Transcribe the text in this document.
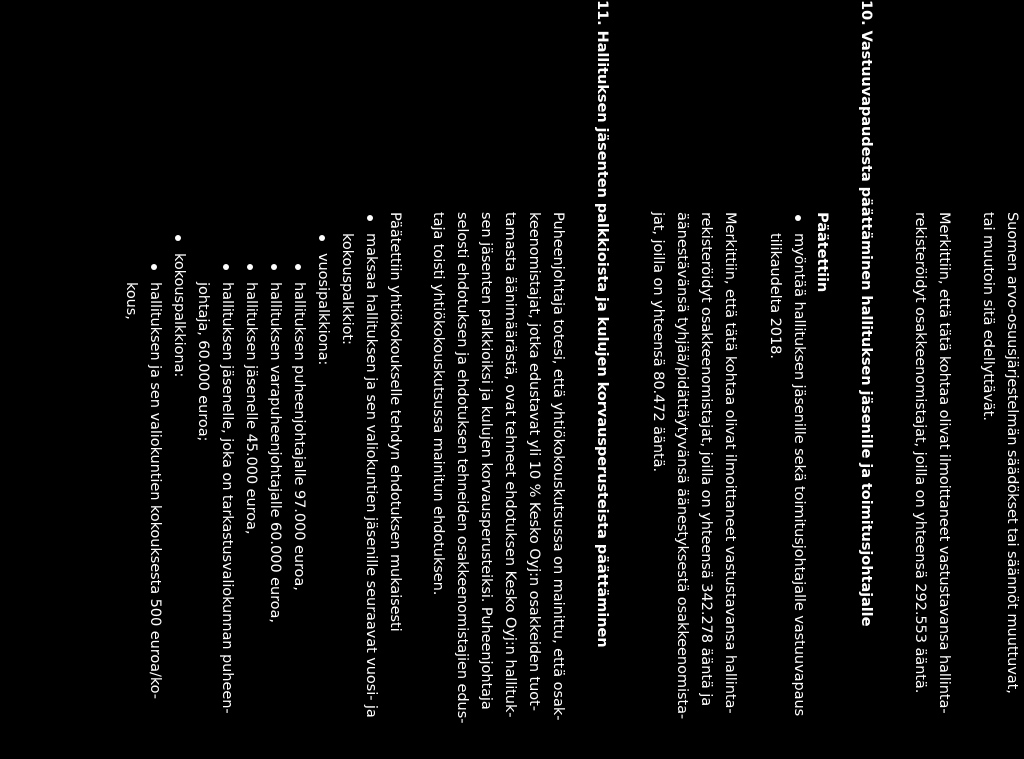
Suomen arvo-osuusjärjestelmän säädökset tai säännöt muuttuvat,
tai muutoin sitä edellyttävät.
Merkittiin, että tätä kohtaa olivat ilmoittaneet vastustavansa hallinta-
rekisteröidyt osakkeenomistajat, joilla on yhteensä 292.553 ääntä.
10. Vastuuvapaudesta päättäminen hallituksen jäsenille ja toimitusjohtajalle
Päätettiin
myöntää hallituksen jäsenille sekä toimitusjohtajalle vastuuvapaus
tilikaudelta 2018.
Merkittiin, että tätä kohtaa olivat ilmoittaneet vastustavansa hallinta-
rekisteröidyt osakkeenomistajat, joilla on yhteensä 342.278 ääntä ja
äänestävänsä tyhjää/pidättäytyvänsä äänestyksestä osakkeenomista-
jat, joilla on yhteensä 80.472 ääntä.
11. Hallituksen jäsenten palkkioista ja kulujen korvausperusteista päättäminen
Puheenjohtaja totesi, että yhtiökokouskutsussa on mainittu, että osak-
keenomistajat, jotka edustavat yli 10 % Kesko Oyj:n osakkeiden tuot-
tamasta äänimäärästä, ovat tehneet ehdotuksen Kesko Oyj:n hallituk-
sen jäsenten palkkioiksi ja kulujen korvausperusteiksi. Puheenjohtaja
selosti ehdotuksen ja ehdotuksen tehneiden osakkeenomistajien edus-
taja toisti yhtiökokouskutsussa mainitun ehdotuksen.
Päätettiin yhtiökokoukselle tehdyn ehdotuksen mukaisesti
maksaa hallituksen ja sen valiokuntien jäsenille seuraavat vuosi- ja
kokouspalkkiot:
vuosipalkkiona:
hallituksen puheenjohtajalle 97.000 euroa,
hallituksen varapuheenjohtajalle 60.000 euroa,
hallituksen jäsenelle 45.000 euroa,
hallituksen jäsenelle, joka on tarkastusvaliokunnan puheen-
johtaja, 60.000 euroa;
kokouspalkkiona:
hallituksen ja sen valiokuntien kokouksesta 500 euroa/ko-
kous,
